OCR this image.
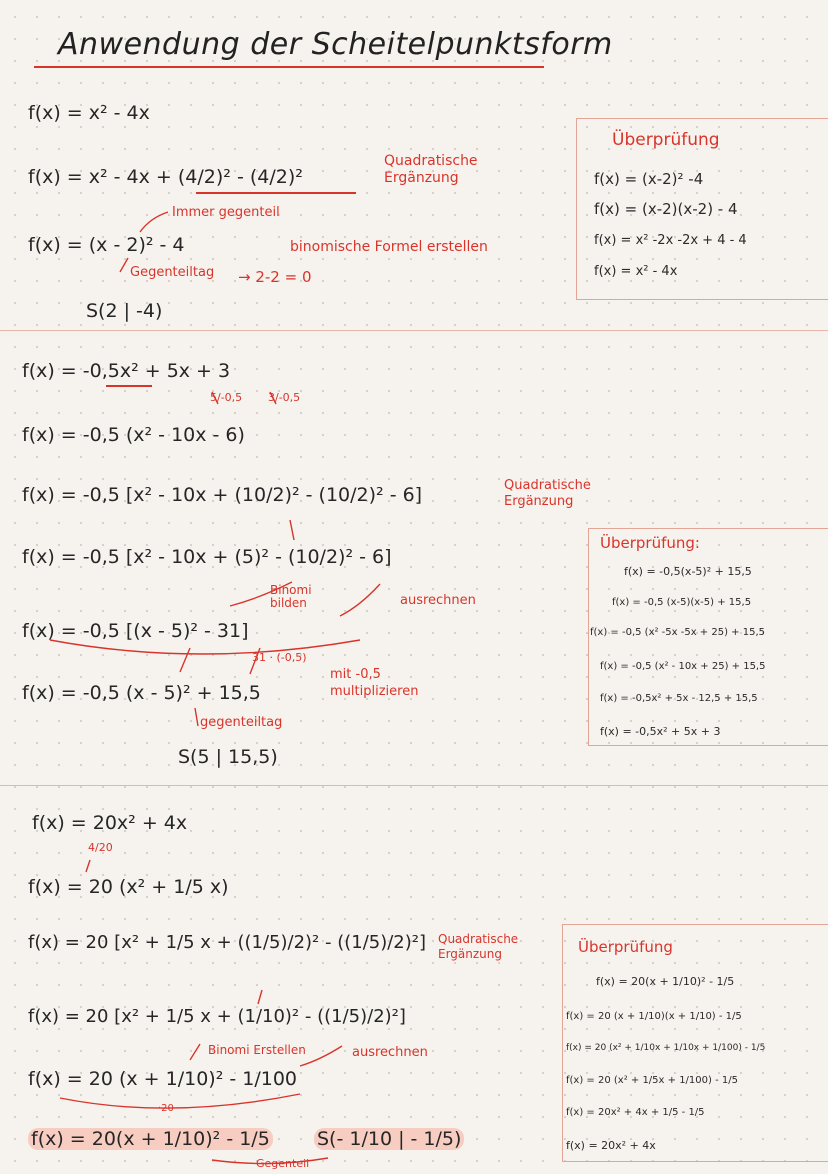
Anwendung der Scheitelpunktsform
f(x) = x² - 4x
f(x) = x² - 4x + (4/2)² - (4/2)²
Quadratische Ergänzung
Immer gegenteil
f(x) = (x - 2)² - 4	binomische Formel erstellen
Gegenteiltag → 2-2 = 0
S(2 | -4)
Überprüfung
f(x) = (x-2)² -4
f(x) = (x-2)(x-2) - 4
f(x) = x² -2x -2x + 4 - 4
f(x) = x² - 4x
f(x) = -0,5x² + 5x + 3
5/-0,5 3/-0,5
f(x) = -0,5 (x² - 10x - 6)
f(x) = -0,5 [x² - 10x + (10/2)² - (10/2)² - 6]	Quadratische Ergänzung
f(x) = -0,5 [x² - 10x + (5)² - (10/2)² - 6]
Binomi bilden	ausrechnen
f(x) = -0,5 [(x - 5)² - 31]
31 · (-0,5)
f(x) = -0,5 (x - 5)² + 15,5
mit -0,5 multiplizieren
gegenteiltag
S(5 | 15,5)
Überprüfung:
f(x) = -0,5(x-5)² + 15,5
f(x) = -0,5 (x-5)(x-5) + 15,5
f(x) = -0,5 (x² -5x -5x + 25) + 15,5
f(x) = -0,5 (x² - 10x + 25) + 15,5
f(x) = -0,5x² + 5x - 12,5 + 15,5
f(x) = -0,5x² + 5x + 3
f(x) = 20x² + 4x
4/20
f(x) = 20 (x² + 1/5 x)
f(x) = 20 [x² + 1/5 x + ((1/5)/2)² - ((1/5)/2)²] Quadratische Ergänzung
f(x) = 20 [x² + 1/5 x + (1/10)² - ((1/5)/2)²]
Binomi Erstellen	ausrechnen
f(x) = 20 (x + 1/10)² - 1/100
·20
f(x) = 20(x + 1/10)² - 1/5 S(- 1/10 | - 1/5)
Gegenteil
Überprüfung
f(x) = 20(x + 1/10)² - 1/5
f(x) = 20 (x + 1/10)(x + 1/10) - 1/5
f(x) = 20 (x² + 1/10x + 1/10x + 1/100) - 1/5
f(x) = 20 (x² + 1/5x + 1/100) - 1/5
f(x) = 20x² + 4x + 1/5 - 1/5
f(x) = 20x² + 4x
